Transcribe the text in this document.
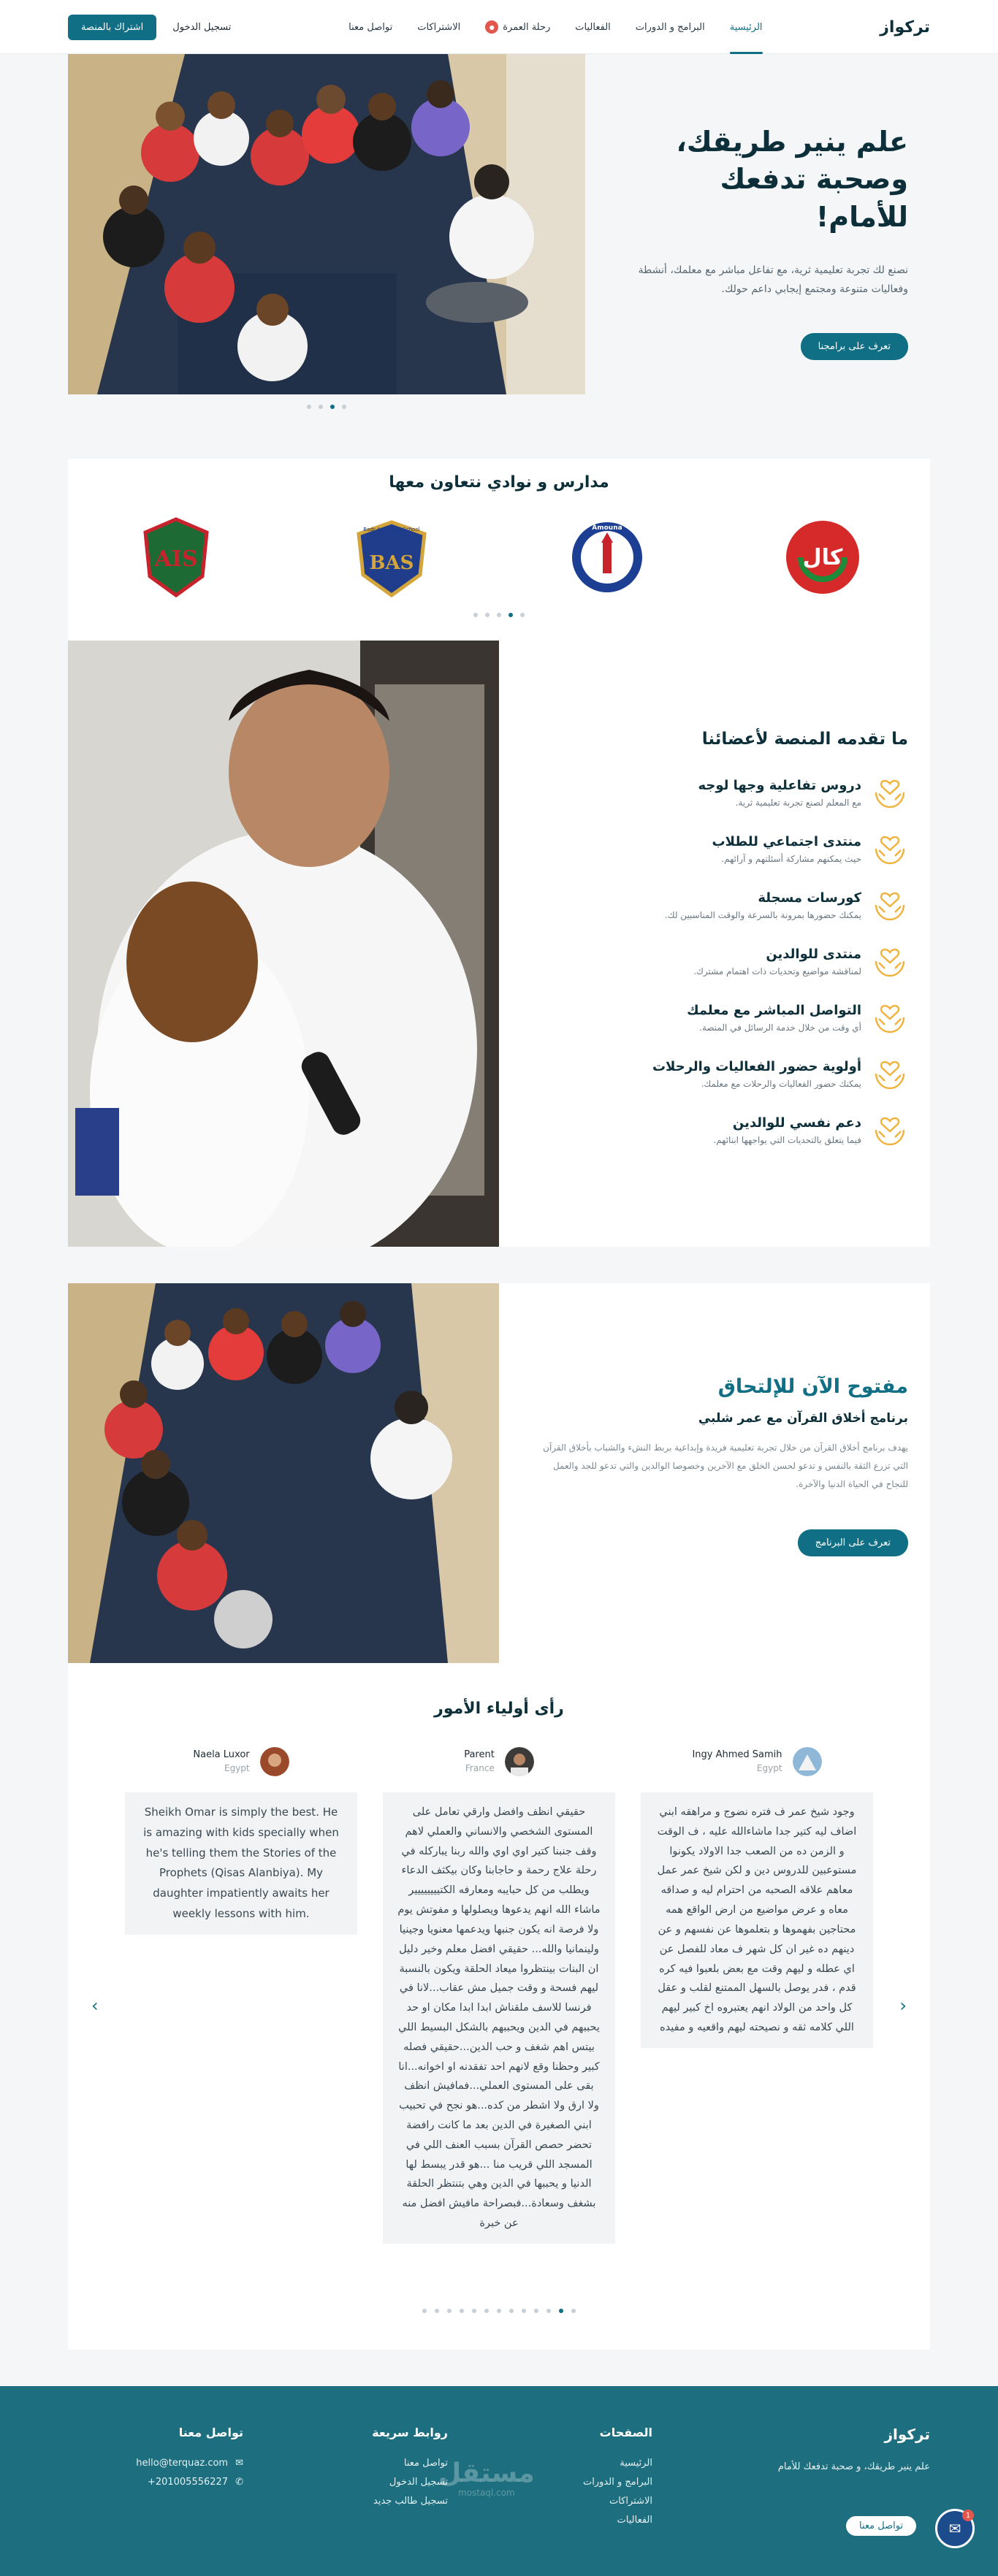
تركواز
الرئيسية
البرامج و الدورات
الفعاليات
رحلة العمرة
●
الاشتراكات
تواصل معنا
تسجيل الدخول
اشتراك بالمنصة
علم ينير طريقك، وصحبة تدفعك للأمام!

نصنع لك تجربة تعليمية ثرية، مع تفاعل مباشر مع معلمك، أنشطة وفعاليات متنوعة ومجتمع إيجابي داعم حولك.

تعرف على برامجنا
مدارس و نوادي نتعاون معها
AIS	BAS
Badr American School	Amouna
كال
ما تقدمه المنصة لأعضائنا
دروس تفاعلية وجها لوجه

مع المعلم لصنع تجربة تعليمية ثرية.

منتدى اجتماعي للطلاب

حيث يمكنهم مشاركة أسئلتهم و آرائهم.

كورسات مسجلة

يمكنك حضورها بمرونة بالسرعة والوقت المناسبين لك.

منتدى للوالدين

لمناقشة مواضيع وتحديات ذات اهتمام مشترك.

التواصل المباشر مع معلمك

أي وقت من خلال خدمة الرسائل في المنصة.

أولوية حضور الفعاليات والرحلات

يمكنك حضور الفعاليات والرحلات مع معلمك.

دعم نفسي للوالدين

فيما يتعلق بالتحديات التي يواجهها ابنائهم.

مفتوح الآن للإلتحاق
برنامج أخلاق القرآن مع عمر شلبي

يهدف برنامج أخلاق القرآن من خلال تجربة تعليمية فريدة وإبداعية بربط النشء والشباب بأخلاق القرآن التي تزرع الثقة بالنفس و تدعو لحسن الخلق مع الآخرين وخصوصا الوالدين والتي تدعو للجد والعمل للنجاح في الحياة الدنيا والآخرة.

تعرف على البرنامج
رأى أولياء الأمور
‹
›
Ingy Ahmed Samih
Egypt
وجود شيخ عمر ف فتره نضوج و مراهقه ابني اضاف ليه كتير جدا ماشاءالله عليه ، ف الوقت و الزمن ده من الصعب جدا الاولاد يكونوا مستوعبين للدروس دين و لكن شيخ عمر عمل معاهم علاقه الصحبه من احترام ليه و صداقه معاه و عرض مواضيع من ارض الواقع همه محتاجين بفهموها و بتعلموها عن نفسهم و عن دينهم ده غير ان كل شهر ف معاد للفصل عن اي عطله و ليهم وقت مع بعض بلعبوا فيه كره قدم ، فدر يوصل بالسهل الممتنع لقلب و عقل كل واحد من الولاد انهم يعتبروه اخ كبير ليهم اللي كلامه ثقه و نصيحته ليهم واقعيه و مفيده
Parent
France
حقيقي انظف وافضل وارقي تعامل على المستوى الشخصي والانساني والعملي لاهم وقف جنبنا كتير اوي اوي والله ربنا يباركله في رحلة علاج رحمة و حاجابنا وكان بيكثف الدعاء ويطلب من كل حبايبه ومعارفه الكتيييييييير ماشاء الله انهم يدعوها ويصلولها و مفوتش يوم ولا فرصة انه يكون جنبها ويدعمها معنويا وجينيا ولينمانيا والله... حقيقي افضل معلم وخير دليل ان البنات بينتظروا ميعاد الحلقة ويكون بالنسبة ليهم فسحة و وقت جميل مش عقاب...لانا في فرنسا للاسف ملقناش ابدا ابدا مكان او حد يحببهم في الدين ويحببهم بالشكل البسيط اللي بيتس اهم شغف و حب الدين...حقيقي فصله كبير وحظنا وقع لانهم احد تفقدنه او اخوانه...انا بقى على المستوى العملي...فمافيش انظف ولا ارق ولا اشطر من كده...هو نجح في تحبيب ابني الصغيرة في الدين بعد ما كانت رافضة تحضر حصص القرآن بسبب العنف اللي في المسجد اللي قريب منا ...هو قدر يبسط لها الدنيا و يحببها في الدين وهي بتنتظر الحلقة بشغف وسعادة...فبصراحة مافيش افضل منه عن خبرة
Naela Luxor
Egypt
Sheikh Omar is simply the best. He is amazing with kids specially when he's telling them the Stories of the Prophets (Qisas Alanbiya). My daughter impatiently awaits her weekly lessons with him.
تركواز
علم ينير طريقك، و صحبة تدفعك للأمام
الصفحات
الرئيسية
البرامج و الدورات
الاشتراكات
الفعاليات
روابط سريعة
تواصل معنا
تسجيل الدخول
تسجيل طالب جديد
تواصل معنا
hello@terquaz.com ✉
+201005556227 ✆	مستقل
mostaql.com
تواصل معنا	✉
1
